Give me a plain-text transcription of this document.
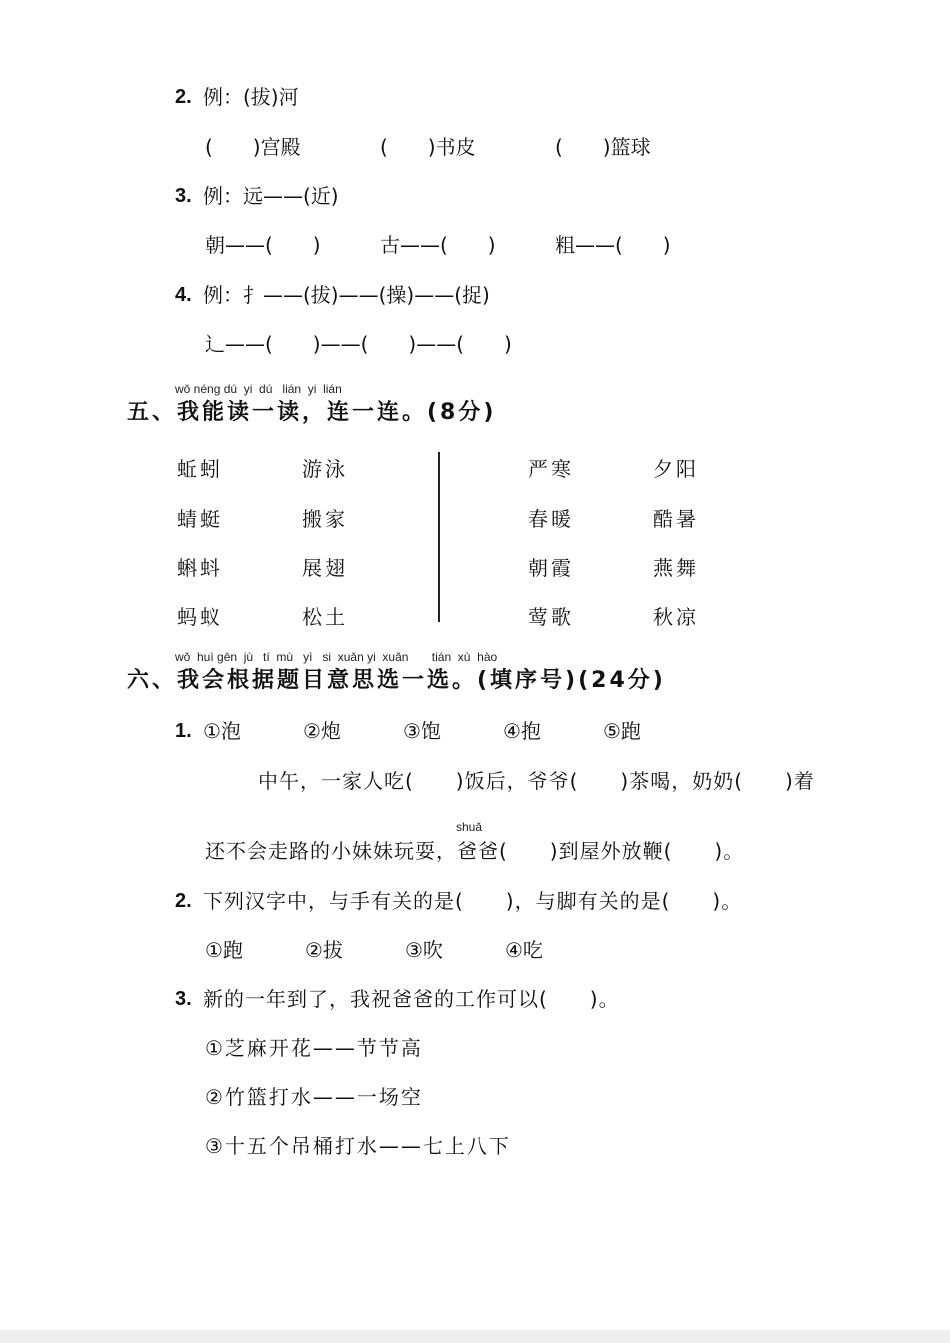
2. 例：(拔)河
(　　)宫殿	(　　)书皮	(　　)篮球
3. 例：远——(近)
朝——(　　)	古——(　　)	粗——(　　)
4. 例：扌——(拔)——(操)——(捉)
辶——(　　)——(　　)——(　　)
wǒ néng dú  yi  dú   lián  yi  lián
五、我能读一读，连一连。(8分)
蚯蚓	游泳
蜻蜓	搬家
蝌蚪	展翅
蚂蚁	松土
严寒	夕阳
春暖	酷暑
朝霞	燕舞
莺歌	秋凉
wǒ  huì gēn  jù   tí  mù   yì   si  xuǎn yi  xuǎn       tián  xù  hào
六、我会根据题目意思选一选。(填序号)(24分)
1. ①泡	②炮	③饱	④抱	⑤跑
中午，一家人吃(　　)饭后，爷爷(　　)茶喝，奶奶(　　)着
shuǎ
还不会走路的小妹妹玩耍，爸爸(　　)到屋外放鞭(　　)。
2. 下列汉字中，与手有关的是(　　)，与脚有关的是(　　)。
①跑	②拔	③吹	④吃
3. 新的一年到了，我祝爸爸的工作可以(　　)。
①芝麻开花——节节高
②竹篮打水——一场空
③十五个吊桶打水——七上八下
